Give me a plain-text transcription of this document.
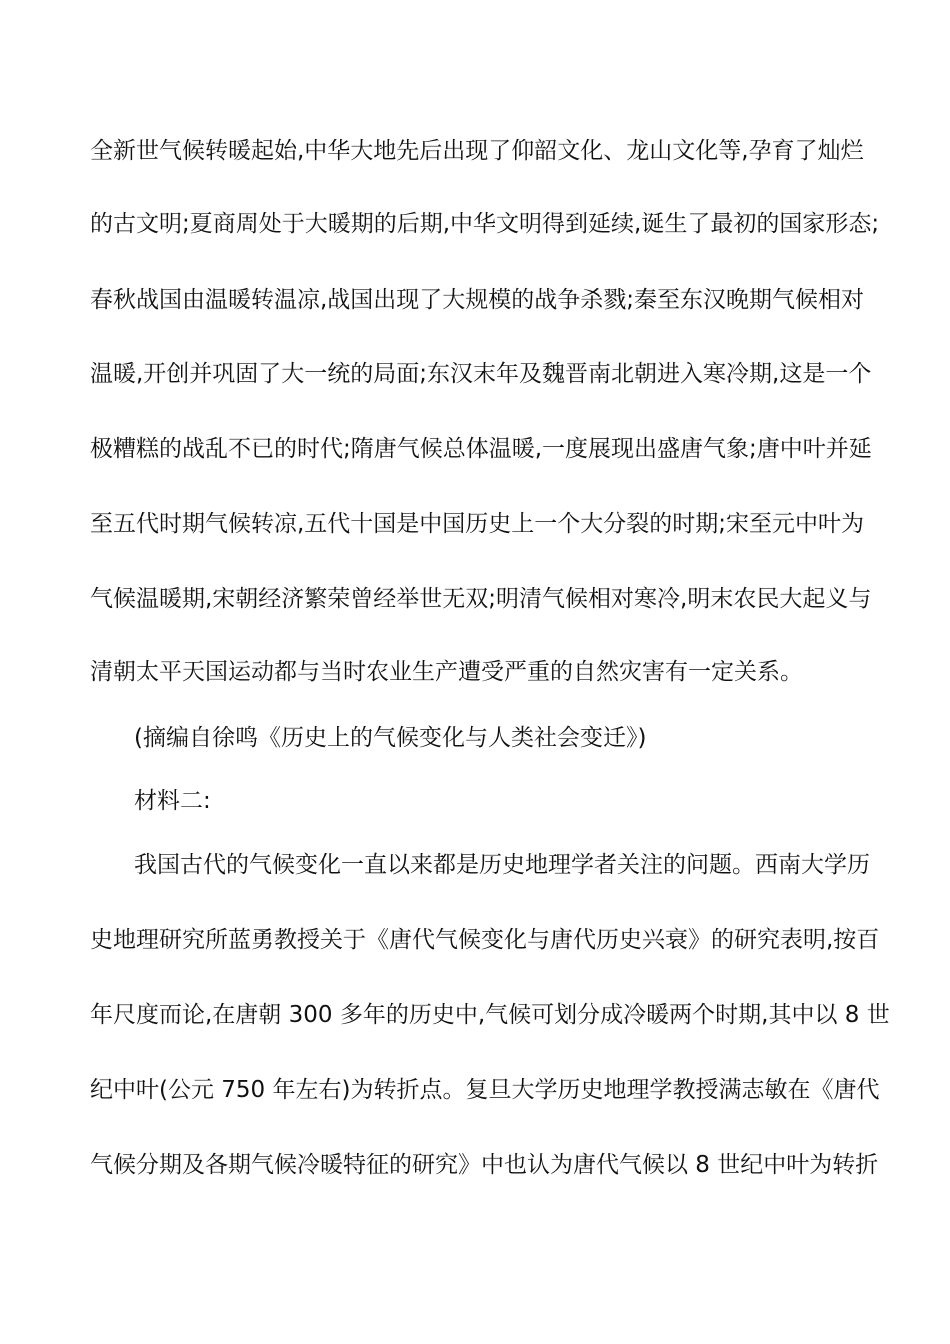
全新世气候转暖起始,中华大地先后出现了仰韶文化、龙山文化等,孕育了灿烂
的古文明;夏商周处于大暖期的后期,中华文明得到延续,诞生了最初的国家形态;
春秋战国由温暖转温凉,战国出现了大规模的战争杀戮;秦至东汉晚期气候相对
温暖,开创并巩固了大一统的局面;东汉末年及魏晋南北朝进入寒冷期,这是一个
极糟糕的战乱不已的时代;隋唐气候总体温暖,一度展现出盛唐气象;唐中叶并延
至五代时期气候转凉,五代十国是中国历史上一个大分裂的时期;宋至元中叶为
气候温暖期,宋朝经济繁荣曾经举世无双;明清气候相对寒冷,明末农民大起义与
清朝太平天国运动都与当时农业生产遭受严重的自然灾害有一定关系。
(摘编自徐鸣《历史上的气候变化与人类社会变迁》)
材料二:
我国古代的气候变化一直以来都是历史地理学者关注的问题。西南大学历
史地理研究所蓝勇教授关于《唐代气候变化与唐代历史兴衰》的研究表明,按百
年尺度而论,在唐朝 300 多年的历史中,气候可划分成冷暖两个时期,其中以 8 世
纪中叶(公元 750 年左右)为转折点。复旦大学历史地理学教授满志敏在《唐代
气候分期及各期气候冷暖特征的研究》中也认为唐代气候以 8 世纪中叶为转折
